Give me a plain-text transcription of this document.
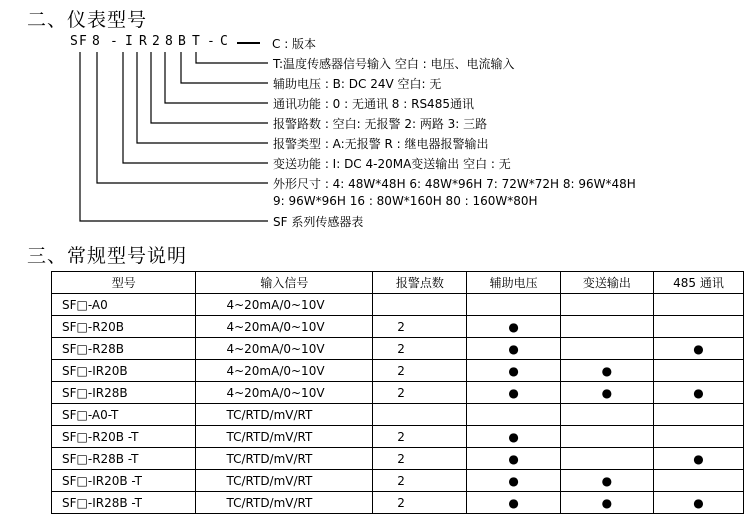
二、仪表型号

S

F

8

-

I

R

2

8

B

T

-

C	C : 版本
T:温度传感器信号输入 空白 : 电压、电流输入
辅助电压 : B: DC 24V 空白: 无
通讯功能 : 0 : 无通讯 8 : RS485通讯
报警路数 : 空白: 无报警 2: 两路 3: 三路
报警类型 : A:无报警 R : 继电器报警输出
变送功能 : I: DC 4-20MA变送输出 空白 : 无
外形尺寸 : 4: 48W*48H 6: 48W*96H 7: 72W*72H 8: 96W*48H
9: 96W*96H 16 : 80W*160H 80 : 160W*80H
SF 系列传感器表
三、常规型号说明
型号	输入信号	报警点数	辅助电压	变送输出	485 通讯
SF□-A0	4~20mA/0~10V				
SF□-R20B	4~20mA/0~10V	2	●		
SF□-R28B	4~20mA/0~10V	2	●		●
SF□-IR20B	4~20mA/0~10V	2	●	●	
SF□-IR28B	4~20mA/0~10V	2	●	●	●
SF□-A0-T	TC/RTD/mV/RT				
SF□-R20B -T	TC/RTD/mV/RT	2	●		
SF□-R28B -T	TC/RTD/mV/RT	2	●		●
SF□-IR20B -T	TC/RTD/mV/RT	2	●	●	
SF□-IR28B -T	TC/RTD/mV/RT	2	●	●	●
